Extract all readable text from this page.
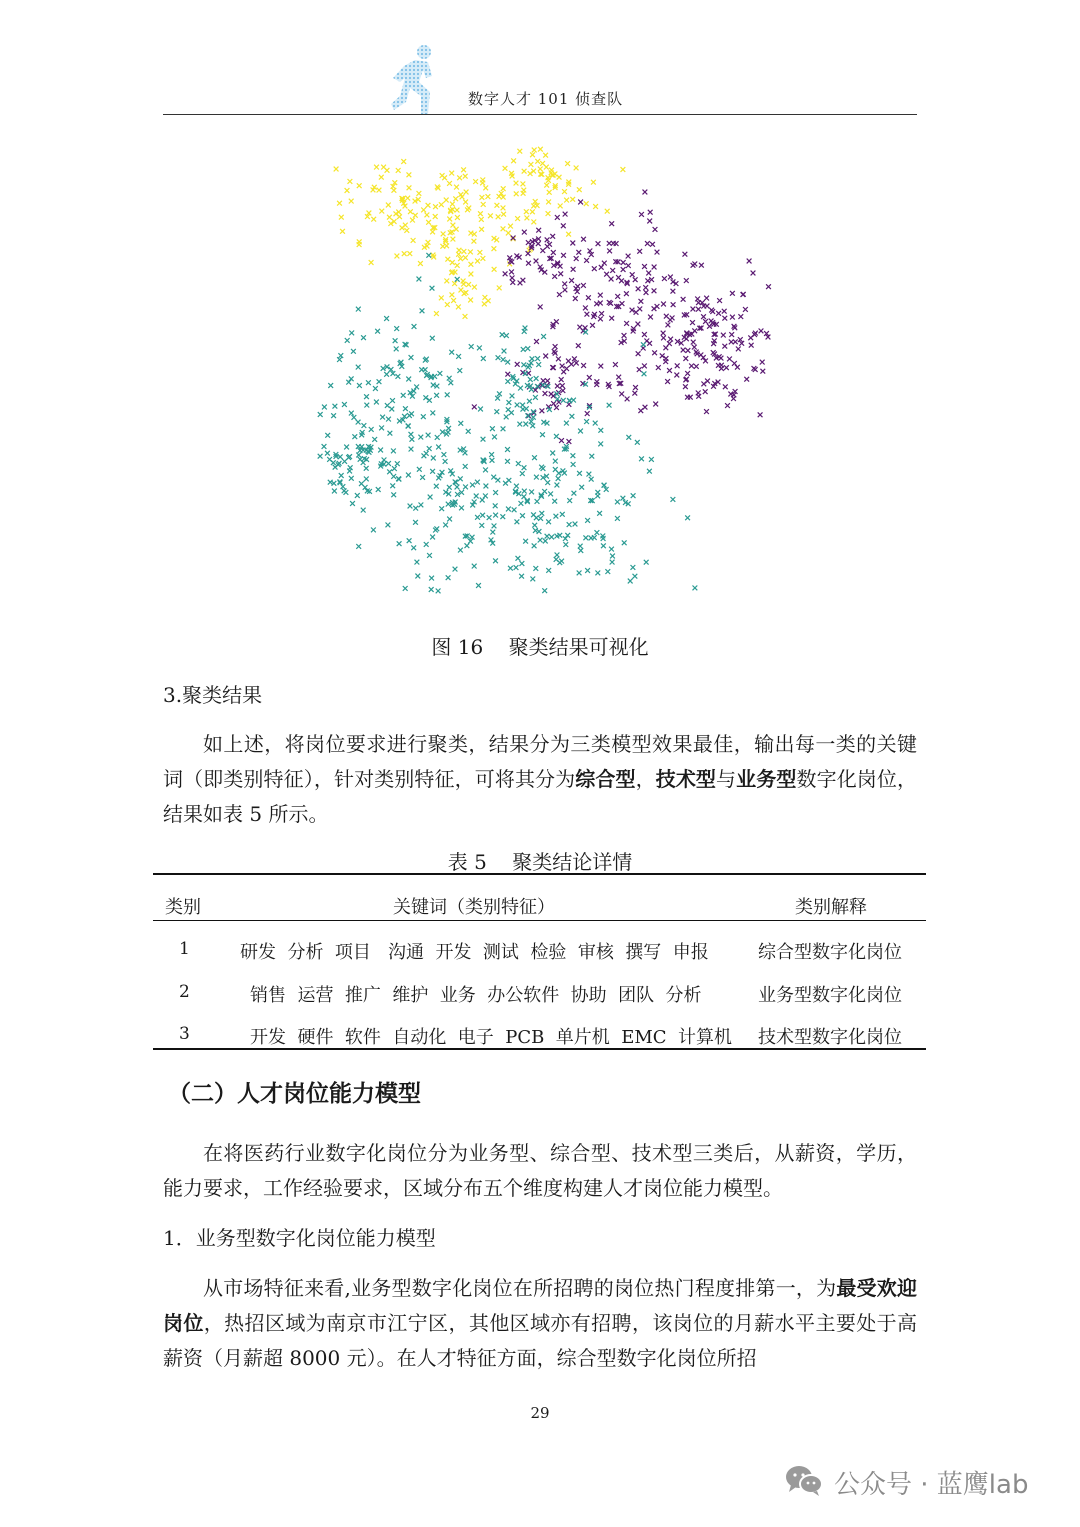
数字人才 101 侦查队
图 16    聚类结果可视化
3.聚类结果
如上述，将岗位要求进行聚类，结果分为三类模型效果最佳，输出每一类的关键词（即类别特征），针对类别特征，可将其分为综合型，技术型与业务型数字化岗位，结果如表 5 所示。
表 5    聚类结论详情
类别	关键词（类别特征）	类别解释
1	研发  分析  项目   沟通  开发  测试  检验  审核  撰写  申报	综合型数字化岗位
2	销售  运营  推广  维护  业务  办公软件  协助  团队  分析	业务型数字化岗位
3	开发  硬件  软件  自动化  电子  PCB  单片机  EMC  计算机 技术型数字化岗位
（二）人才岗位能力模型
在将医药行业数字化岗位分为业务型、综合型、技术型三类后，从薪资，学历，能力要求，工作经验要求，区域分布五个维度构建人才岗位能力模型。
1．业务型数字化岗位能力模型
从市场特征来看,业务型数字化岗位在所招聘的岗位热门程度排第一，为最受欢迎岗位，热招区域为南京市江宁区，其他区域亦有招聘，该岗位的月薪水平主要处于高薪资（月薪超 8000 元）。在人才特征方面，综合型数字化岗位所招
29
公众号 · 蓝鹰lab
